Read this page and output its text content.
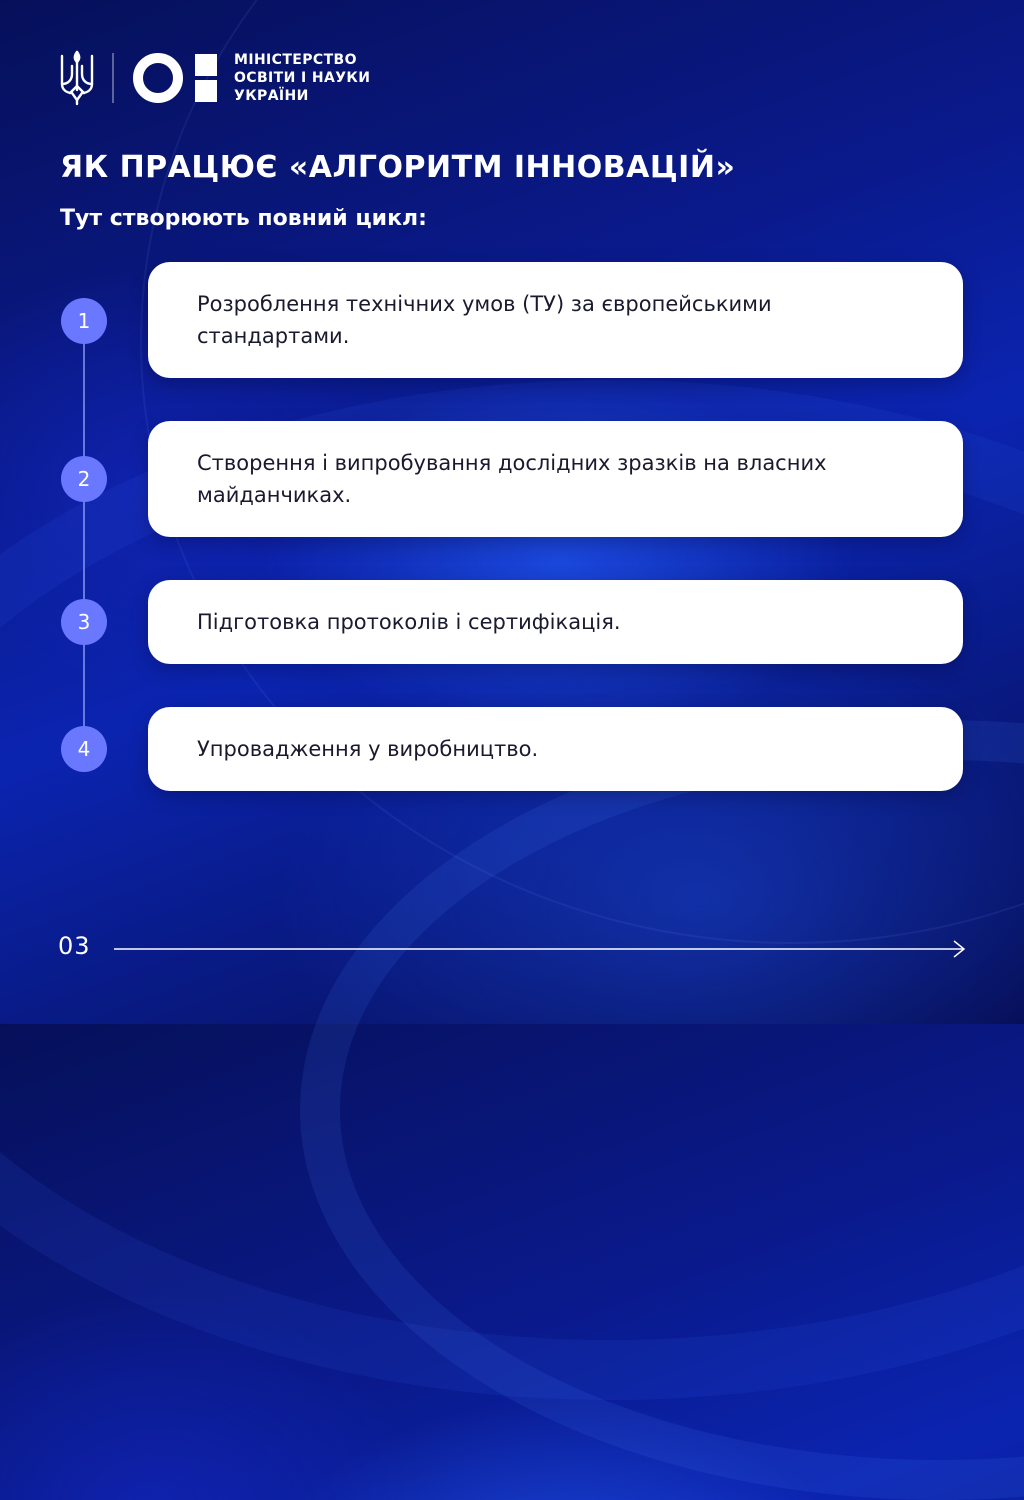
МІНІСТЕРСТВО
ОСВІТИ І НАУКИ
УКРАЇНИ
ЯК ПРАЦЮЄ «АЛГОРИТМ ІННОВАЦІЙ»
Тут створюють повний цикл:
1
Розроблення технічних умов (ТУ) за європейськими стандартами.
2
Створення і випробування дослідних зразків на власних майданчиках.
3	Підготовка протоколів і сертифікація.
4	Упровадження у виробництво.
03
